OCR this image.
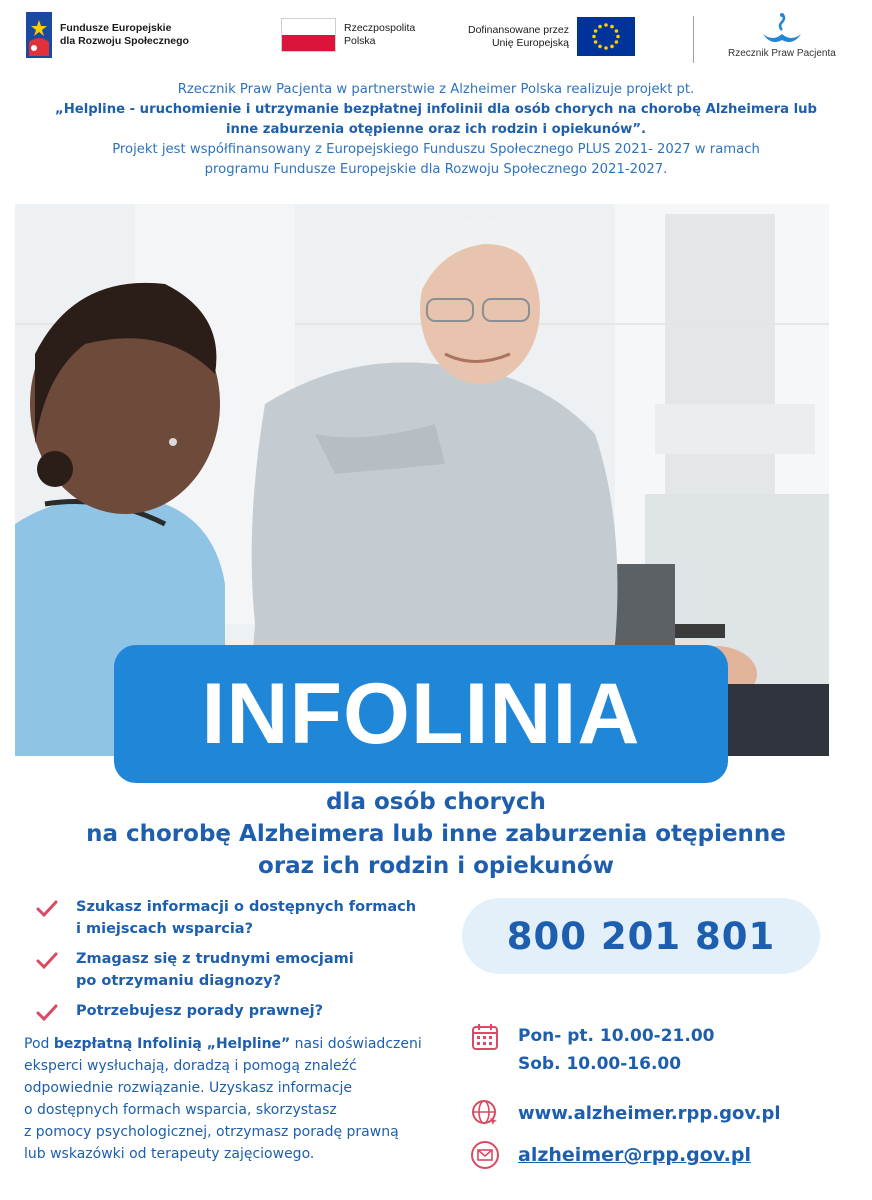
Fundusze Europejskie
dla Rozwoju Społecznego
Rzeczpospolita
Polska
Dofinansowane przez
Unię Europejską
Rzecznik Praw Pacjenta
Rzecznik Praw Pacjenta w partnerstwie z Alzheimer Polska realizuje projekt pt.
„Helpline - uruchomienie i utrzymanie bezpłatnej infolinii dla osób chorych na chorobę Alzheimera lub
inne zaburzenia otępienne oraz ich rodzin i opiekunów”.
Projekt jest współfinansowany z Europejskiego Funduszu Społecznego PLUS 2021- 2027 w ramach
programu Fundusze Europejskie dla Rozwoju Społecznego 2021-2027.
INFOLINIA
dla osób chorych
na chorobę Alzheimera lub inne zaburzenia otępienne
oraz ich rodzin i opiekunów
Szukasz informacji o dostępnych formach
i miejscach wsparcia?
Zmagasz się z trudnymi emocjami
po otrzymaniu diagnozy?
Potrzebujesz porady prawnej?
800 201 801
Pod bezpłatną Infolinią „Helpline” nasi doświadczeni
eksperci wysłuchają, doradzą i pomogą znaleźć
odpowiednie rozwiązanie. Uzyskasz informacje
o dostępnych formach wsparcia, skorzystasz
z pomocy psychologicznej, otrzymasz poradę prawną
lub wskazówki od terapeuty zajęciowego.
Pon- pt. 10.00-21.00
Sob. 10.00-16.00
www.alzheimer.rpp.gov.pl
alzheimer@rpp.gov.pl
